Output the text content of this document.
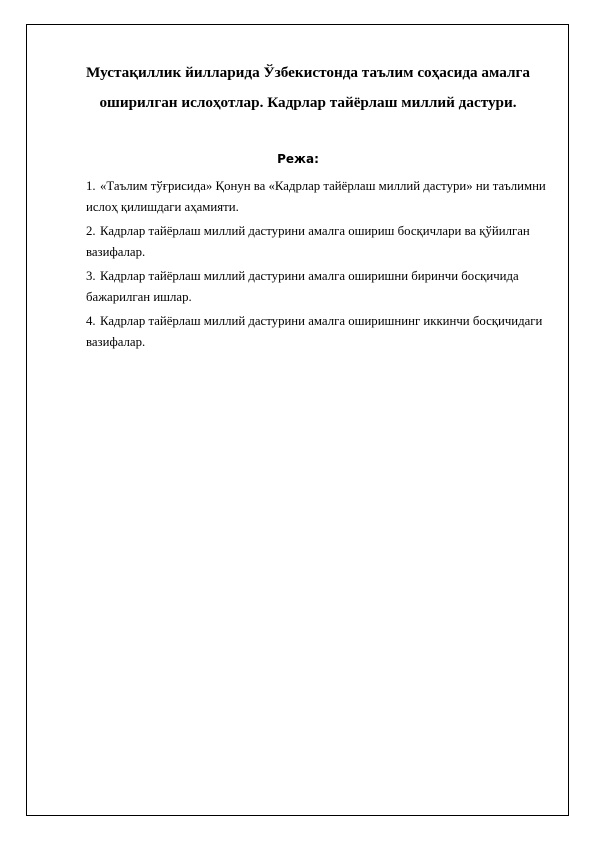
Мустақиллик йилларида Ўзбекистонда таълим соҳасида амалга оширилган ислоҳотлар. Кадрлар тайёрлаш миллий дастури.
Режа:
1. «Таълим тўғрисида» Қонун ва «Кадрлар тайёрлаш миллий дастури» ни таълимни ислоҳ қилишдаги аҳамияти.
2. Кадрлар тайёрлаш миллий дастурини амалга ошириш босқичлари ва қўйилган вазифалар.
3. Кадрлар тайёрлаш миллий дастурини амалга оширишни биринчи босқичида бажарилган ишлар.
4. Кадрлар тайёрлаш миллий дастурини амалга оширишнинг иккинчи босқичидаги вазифалар.
